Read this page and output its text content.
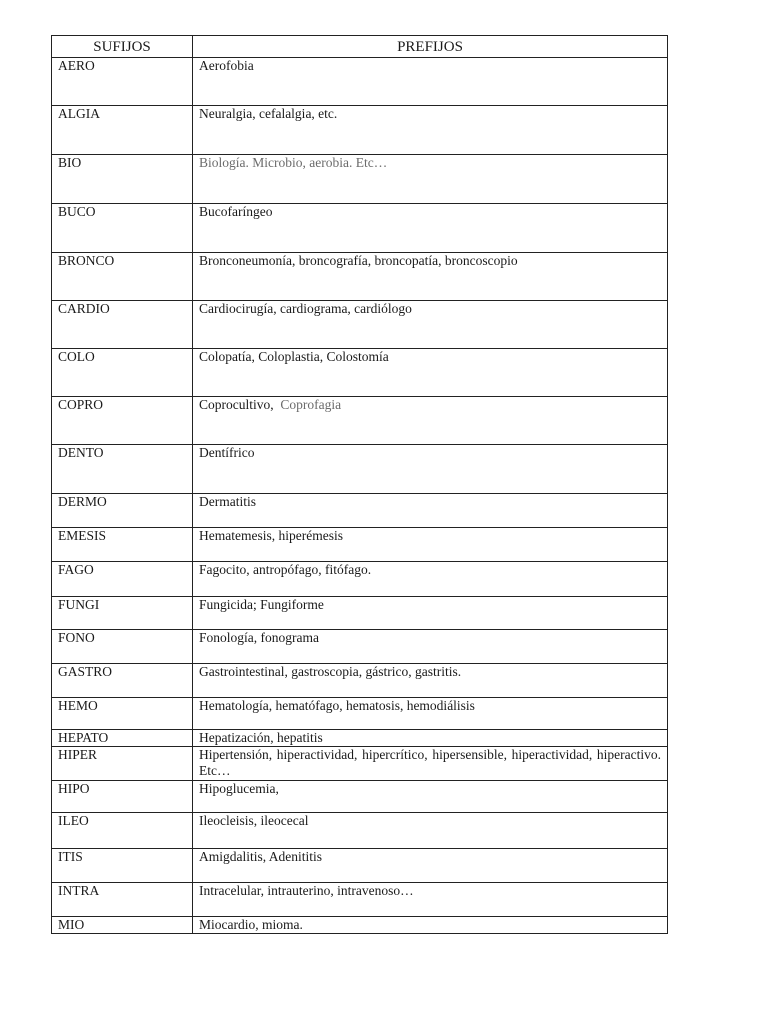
SUFIJOS	PREFIJOS
AERO	Aerofobia
ALGIA	Neuralgia, cefalalgia, etc.
BIO	Biología. Microbio, aerobia. Etc…
BUCO	Bucofaríngeo
BRONCO	Bronconeumonía, broncografía, broncopatía, broncoscopio
CARDIO	Cardiocirugía, cardiograma, cardiólogo
COLO	Colopatía, Coloplastia, Colostomía
COPRO	Coprocultivo, Coprofagia
DENTO	Dentífrico
DERMO	Dermatitis
EMESIS	Hematemesis, hiperémesis
FAGO	Fagocito, antropófago, fitófago.
FUNGI	Fungicida; Fungiforme
FONO	Fonología, fonograma
GASTRO	Gastrointestinal, gastroscopia, gástrico, gastritis.
HEMO	Hematología, hematófago, hematosis, hemodiálisis
HEPATO	Hepatización, hepatitis
HIPER	Hipertensión, hiperactividad, hipercrítico, hipersensible, hiperactividad, hiperactivo. Etc…
HIPO	Hipoglucemia,
ILEO	Ileocleisis, ileocecal
ITIS	Amigdalitis, Adenititis
INTRA	Intracelular, intrauterino, intravenoso…
MIO	Miocardio, mioma.
